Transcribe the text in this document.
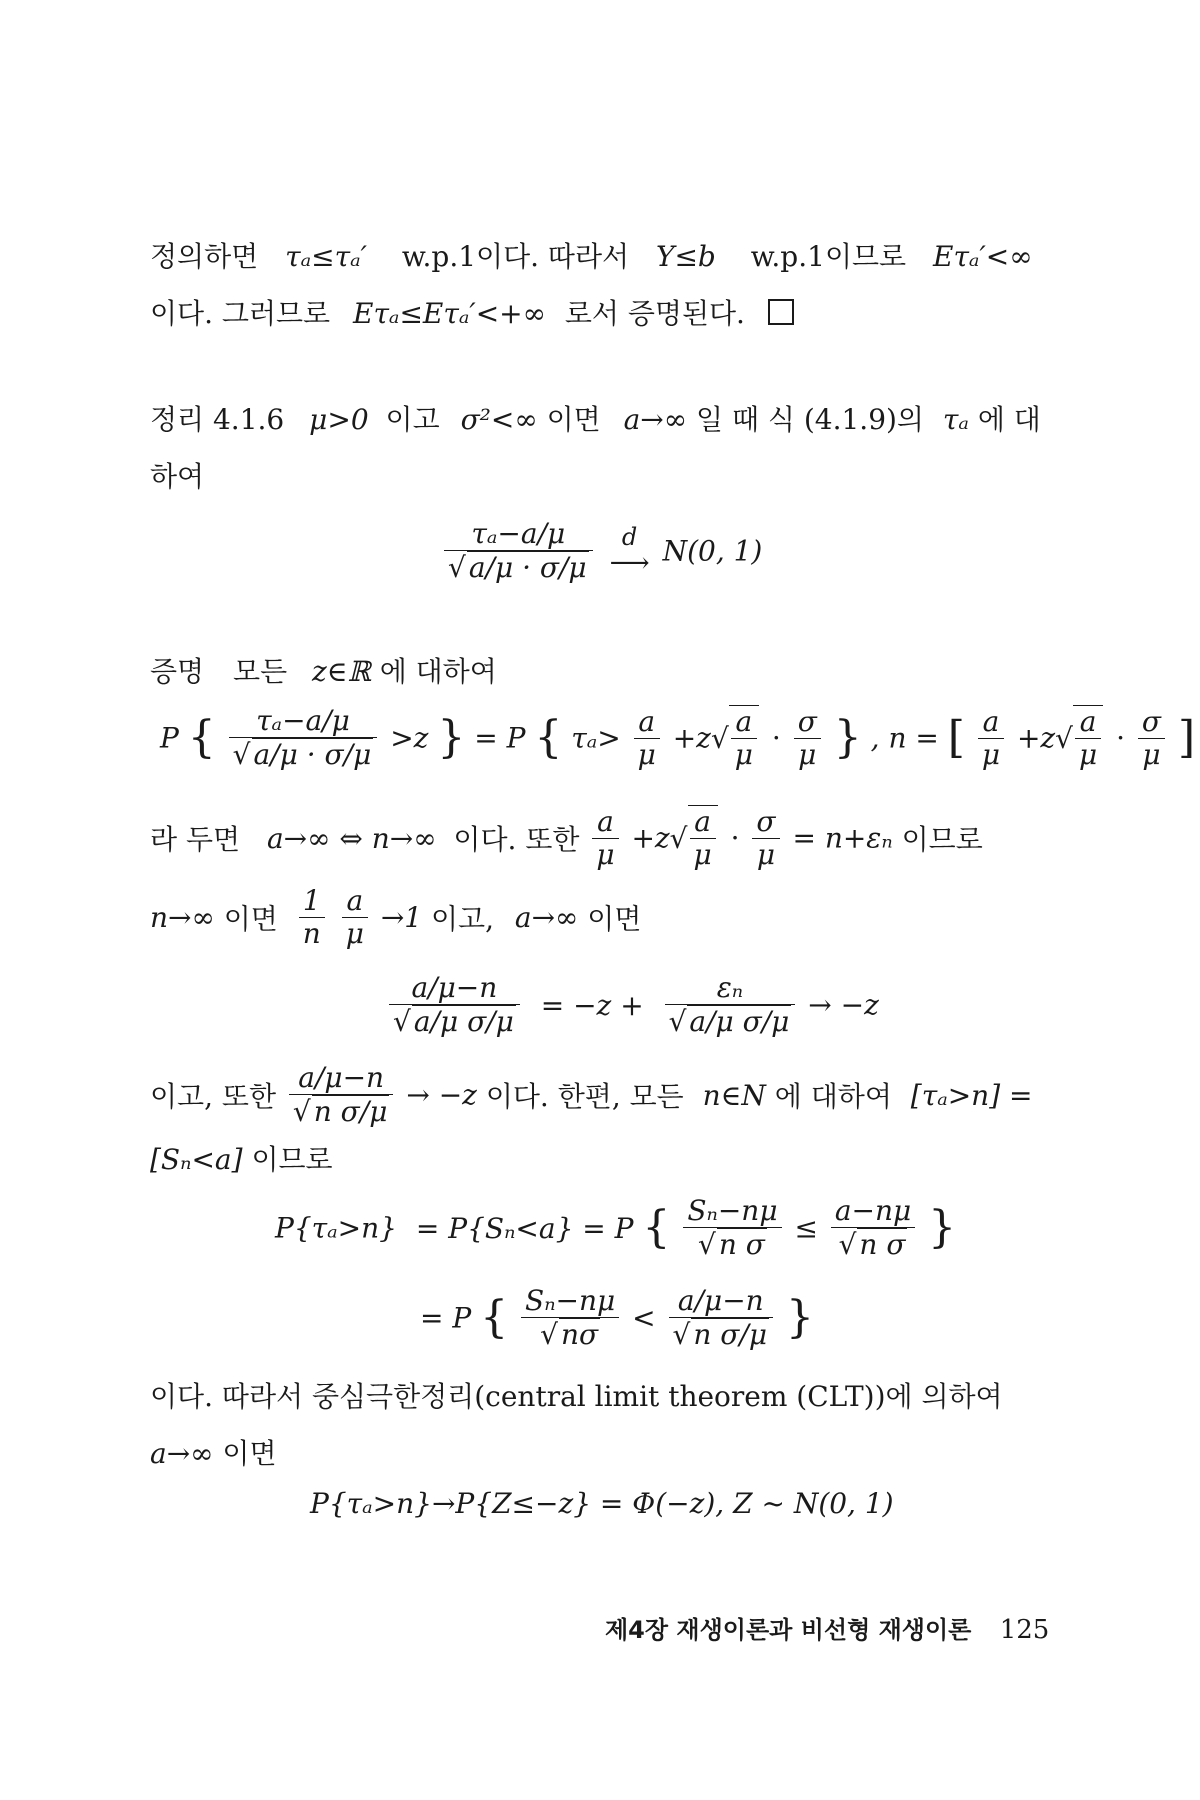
정의하면 τₐ≤τₐ′ w.p.1이다. 따라서 Y≤b w.p.1이므로 Eτₐ′<∞
이다. 그러므로 Eτₐ≤Eτₐ′<+∞ 로서 증명된다.
정리 4.1.6 μ>0 이고 σ²<∞ 이면 a→∞ 일 때 식 (4.1.9)의 τₐ 에 대
하여
τₐ−a/μ
√ a/μ · σ/μ
	d
⟶ N(0, 1)
증명 모든 z∈ℝ 에 대하여
P { τₐ−a/μ
√ a/μ · σ/μ >z } = P { $\tau_a> \frac{a}{\mu} +z√ \frac{a}{\mu} \cdot \frac{\sigma}{\mu}$ } , n = [ $\frac{a}{\mu} +z√ \frac{a}{\mu} \cdot \frac{\sigma}{\mu}$ ]
라 두면 a→∞ ⇔ n→∞ 이다. 또한 $\frac{a}{\mu} +z√ \frac{a}{\mu} \cdot \frac{\sigma}{\mu} = n+\varepsilon_n$ 이므로
n→∞ 이면 $\frac{1}{n}$
$\frac{a}{\mu} \to 1$ 이고, a→∞ 이면
a/μ−n
√ a/μ σ/μ = −z + εₙ
√ a/μ σ/μ → −z
이고, 또한 a/μ−n
√ n σ/μ → −z 이다. 한편, 모든 n∈N 에 대하여 [τₐ>n] =
[Sₙ<a] 이므로
P{τₐ>n} = P{Sₙ<a} = P { Sₙ−nμ
√ n σ ≤ a−nμ
√ n σ }
= P { Sₙ−nμ
√ nσ < a/μ−n
√ n σ/μ }
이다. 따라서 중심극한정리(central limit theorem (CLT))에 의하여
a→∞ 이면
P{τₐ>n}→P{Z≤−z} = Φ(−z), Z ~ N(0, 1)
제4장 재생이론과 비선형 재생이론 125
